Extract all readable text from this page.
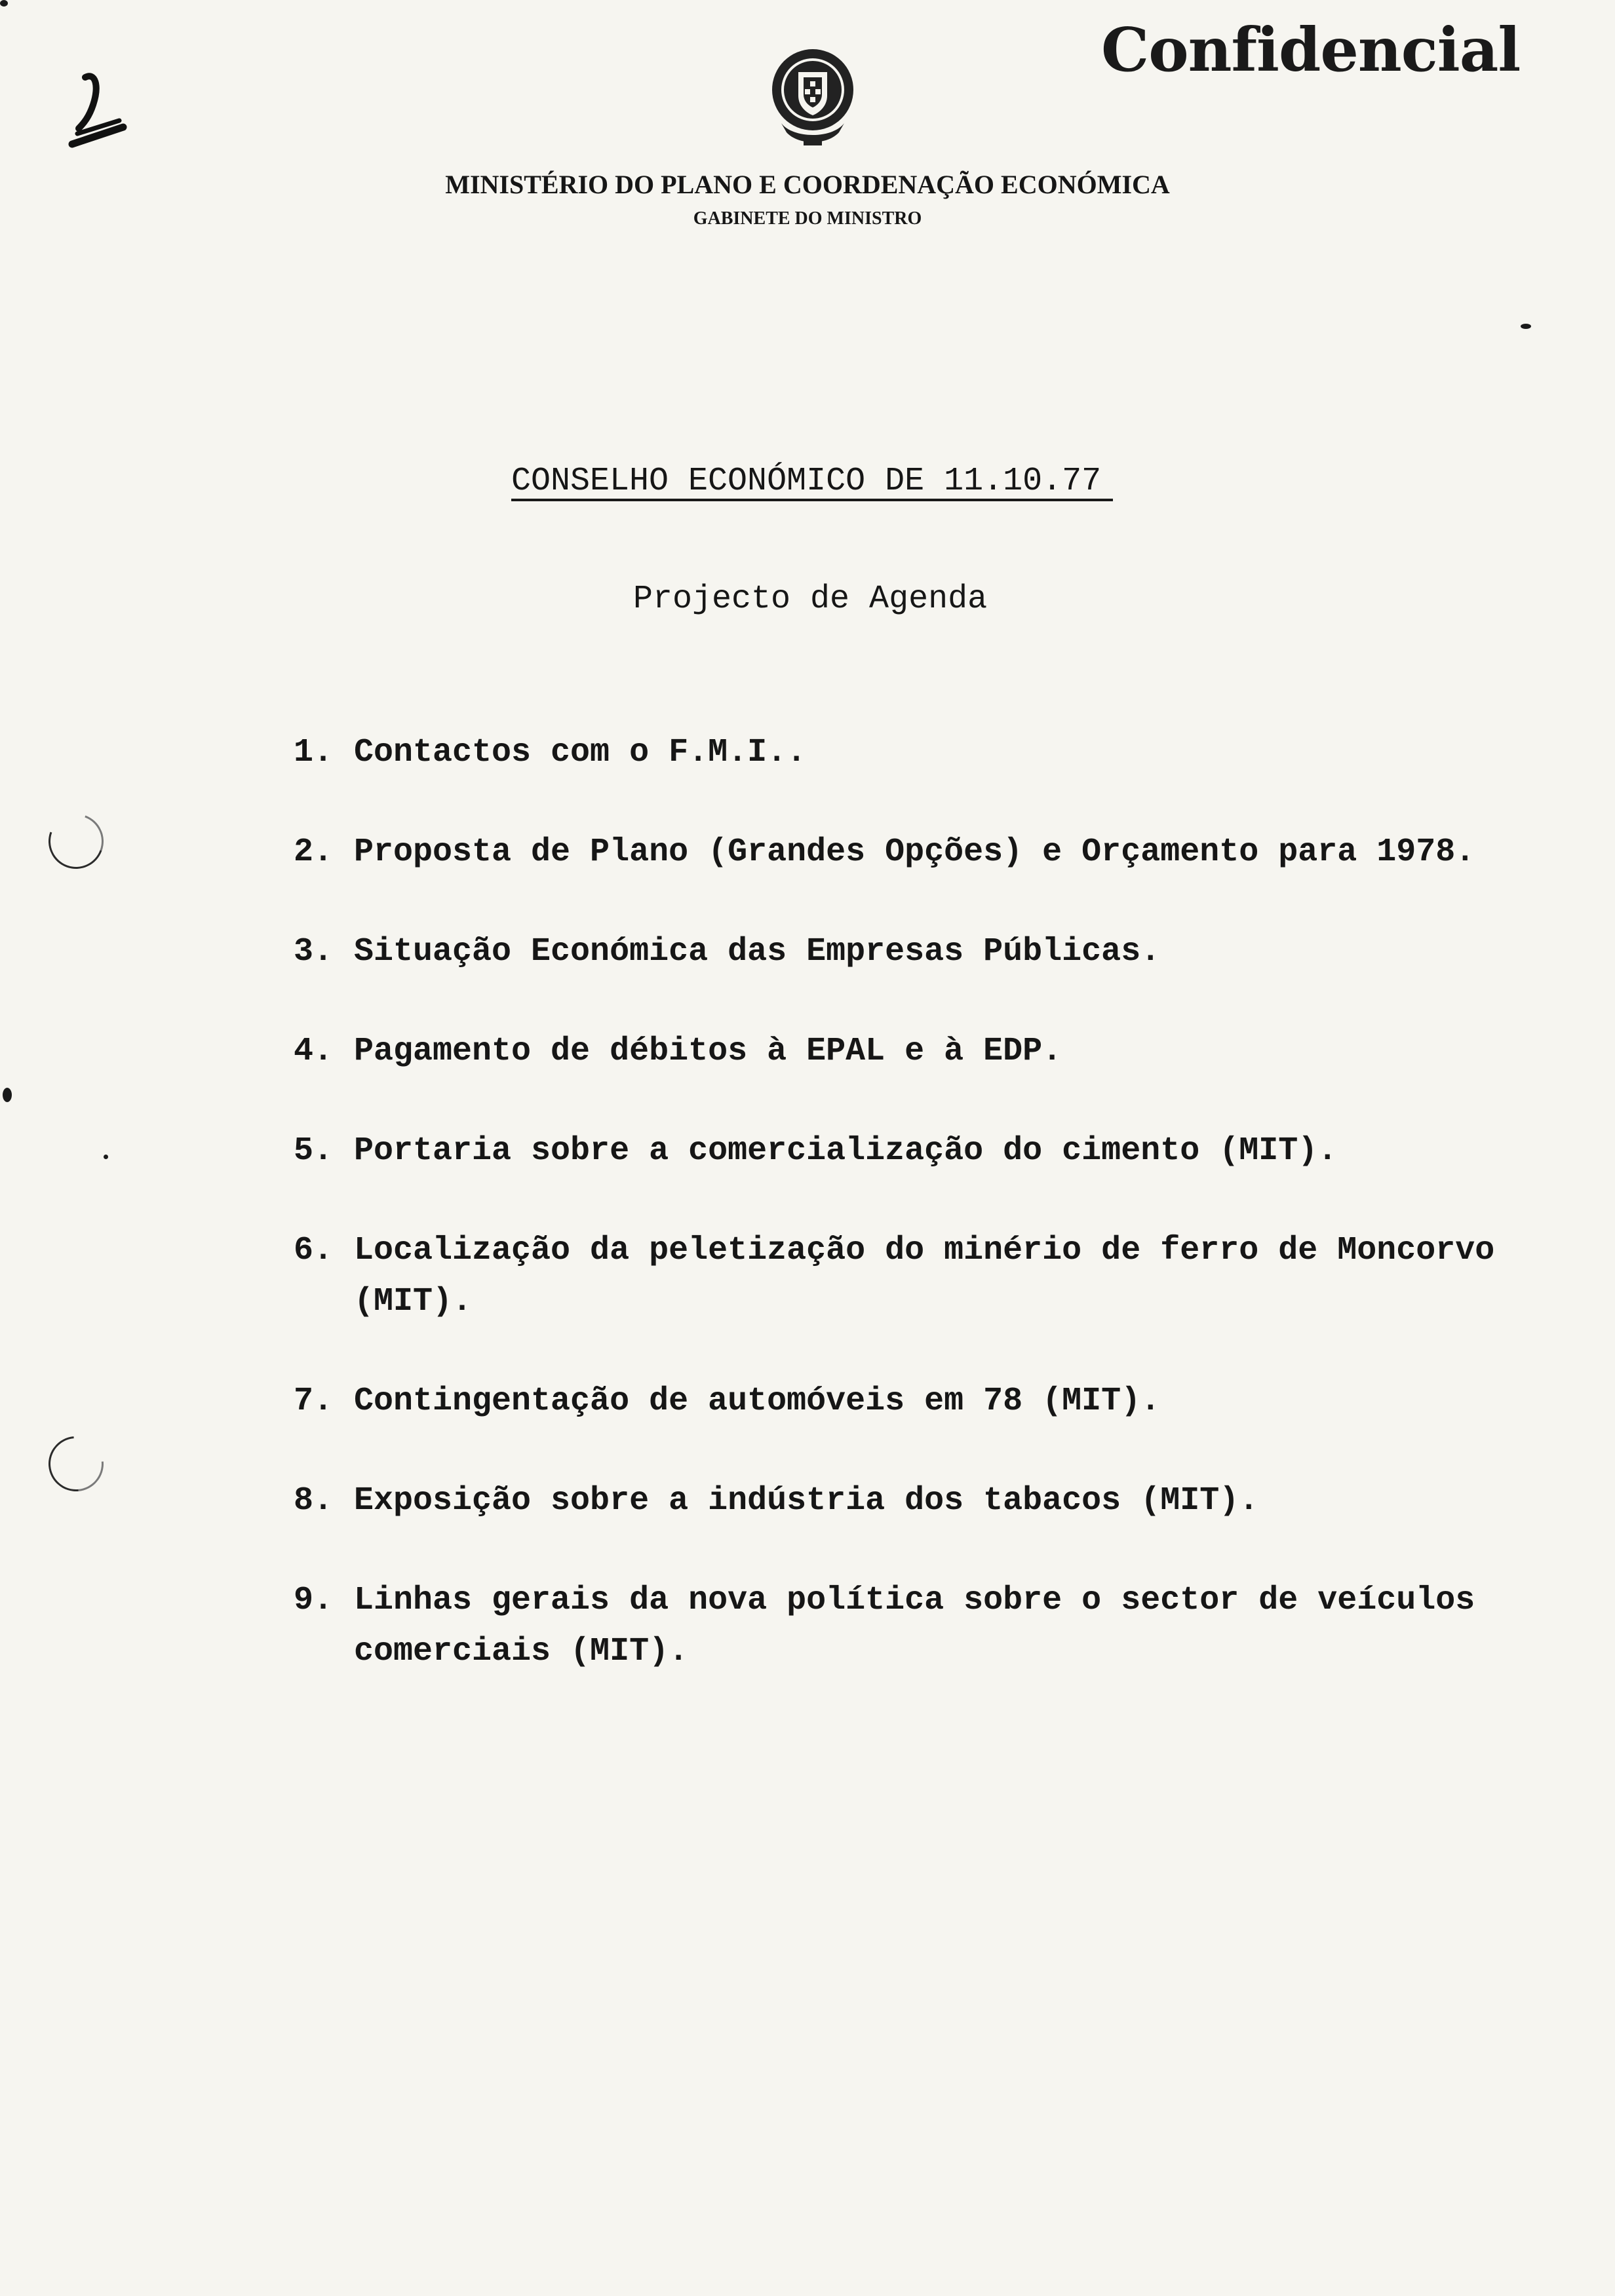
Confidencial
MINISTÉRIO DO PLANO E COORDENAÇÃO ECONÓMICA
GABINETE DO MINISTRO
CONSELHO ECONÓMICO DE 11.10.77
Projecto de Agenda
1. Contactos com o F.M.I..
2. Proposta de Plano (Grandes Opções) e Orçamento para 1978.
3. Situação Económica das Empresas Públicas.
4. Pagamento de débitos à EPAL e à EDP.
5. Portaria sobre a comercialização do cimento (MIT).
6. Localização da peletização do minério de ferro de Moncorvo
(MIT).
7. Contingentação de automóveis em 78 (MIT).
8. Exposição sobre a indústria dos tabacos (MIT).
9. Linhas gerais da nova política sobre o sector de veículos
comerciais (MIT).
